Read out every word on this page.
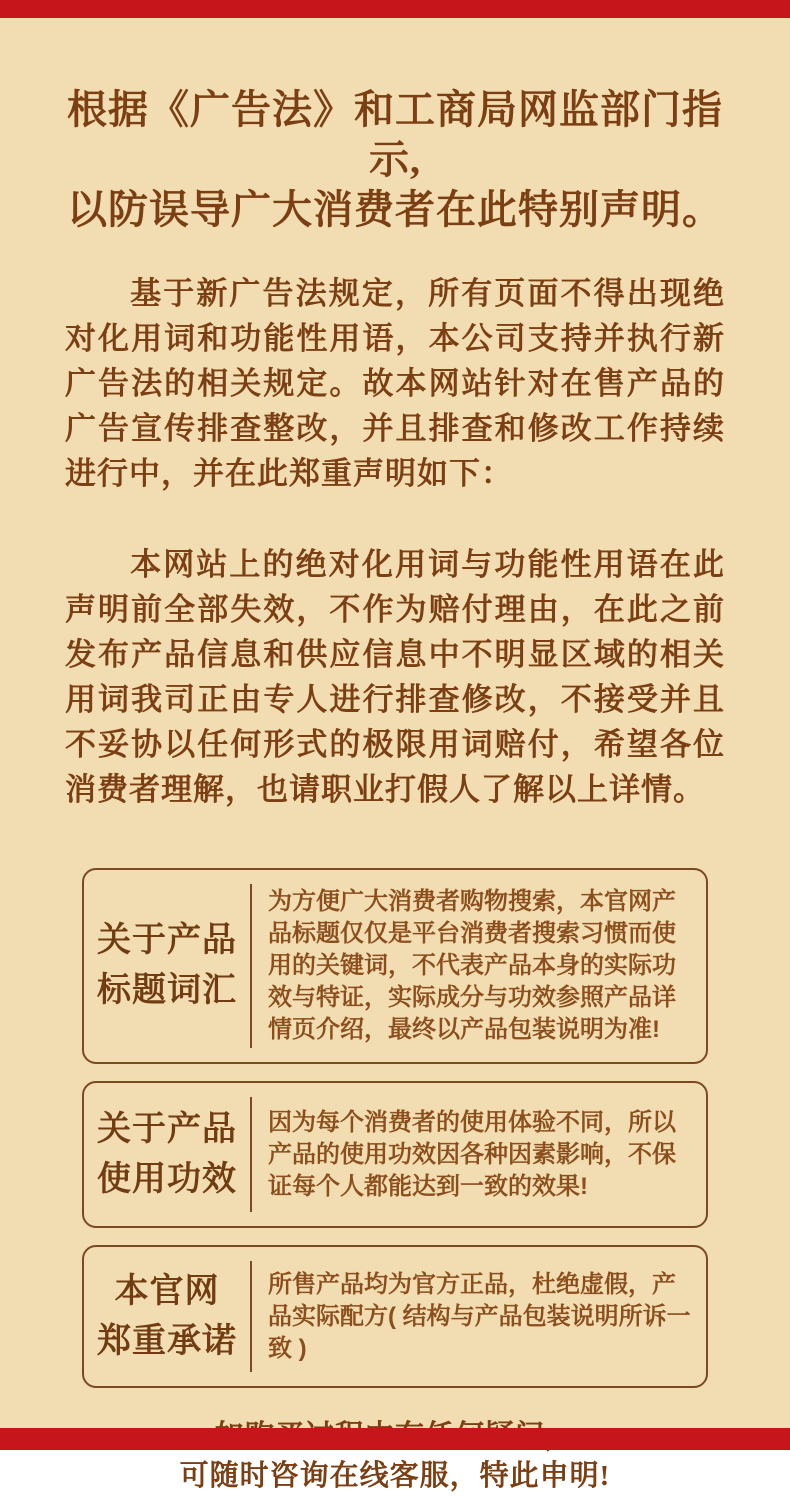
根据《广告法》和工商局网监部门指示,
以防误导广大消费者在此特别声明。

基于新广告法规定，所有页面不得出现绝对化用词和功能性用语，本公司支持并执行新广告法的相关规定。故本网站针对在售产品的广告宣传排查整改，并且排查和修改工作持续进行中，并在此郑重声明如下：

本网站上的绝对化用词与功能性用语在此声明前全部失效，不作为赔付理由，在此之前发布产品信息和供应信息中不明显区域的相关用词我司正由专人进行排查修改，不接受并且不妥协以任何形式的极限用词赔付，希望各位消费者理解，也请职业打假人了解以上详情。

关于产品
标题词汇
为方便广大消费者购物搜索，本官网产品标题仅仅是平台消费者搜索习惯而使用的关键词，不代表产品本身的实际功效与特证，实际成分与功效参照产品详情页介绍，最终以产品包装说明为准!
关于产品
使用功效
因为每个消费者的使用体验不同，所以产品的使用功效因各种因素影响，不保证每个人都能达到一致的效果!
本官网
郑重承诺
所售产品均为官方正品，杜绝虚假，产品实际配方( 结构与产品包装说明所诉一致 )
可随时咨询在线客服，特此申明!
